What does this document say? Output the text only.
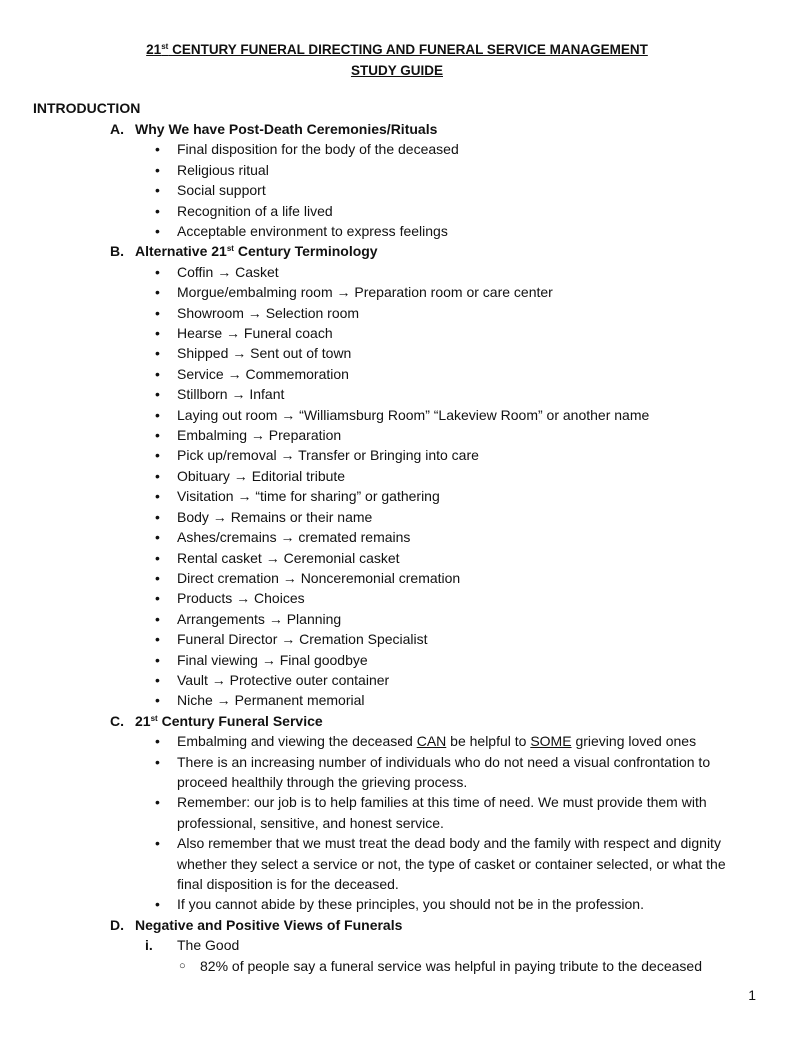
21st CENTURY FUNERAL DIRECTING AND FUNERAL SERVICE MANAGEMENT
STUDY GUIDE
INTRODUCTION
A. Why We have Post-Death Ceremonies/Rituals
• Final disposition for the body of the deceased
• Religious ritual
• Social support
• Recognition of a life lived
• Acceptable environment to express feelings
B. Alternative 21st Century Terminology
• Coffin → Casket
• Morgue/embalming room → Preparation room or care center
• Showroom → Selection room
• Hearse → Funeral coach
• Shipped → Sent out of town
• Service → Commemoration
• Stillborn → Infant
• Laying out room → “Williamsburg Room” “Lakeview Room” or another name
• Embalming → Preparation
• Pick up/removal → Transfer or Bringing into care
• Obituary → Editorial tribute
• Visitation → “time for sharing” or gathering
• Body → Remains or their name
• Ashes/cremains → cremated remains
• Rental casket → Ceremonial casket
• Direct cremation → Nonceremonial cremation
• Products → Choices
• Arrangements → Planning
• Funeral Director → Cremation Specialist
• Final viewing → Final goodbye
• Vault → Protective outer container
• Niche → Permanent memorial
C. 21st Century Funeral Service
• Embalming and viewing the deceased CAN be helpful to SOME grieving loved ones
• There is an increasing number of individuals who do not need a visual confrontation to proceed healthily through the grieving process.
• Remember: our job is to help families at this time of need. We must provide them with professional, sensitive, and honest service.
• Also remember that we must treat the dead body and the family with respect and dignity whether they select a service or not, the type of casket or container selected, or what the final disposition is for the deceased.
• If you cannot abide by these principles, you should not be in the profession.
D. Negative and Positive Views of Funerals
i. The Good
○ 82% of people say a funeral service was helpful in paying tribute to the deceased
1
